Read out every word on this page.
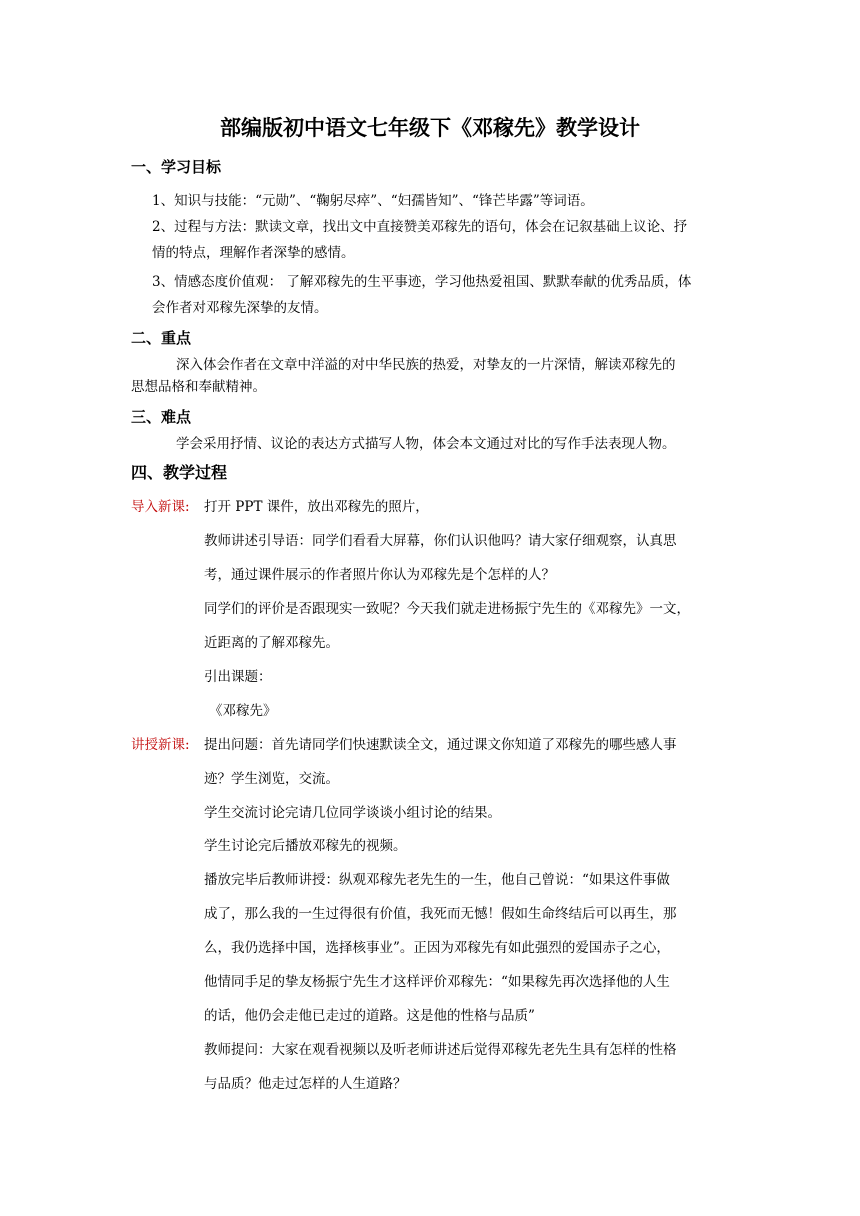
部编版初中语文七年级下《邓稼先》教学设计
一、学习目标
1、知识与技能：“元勋”、“鞠躬尽瘁”、“妇孺皆知”、“锋芒毕露”等词语。
2、过程与方法：默读文章，找出文中直接赞美邓稼先的语句，体会在记叙基础上议论、抒
情的特点，理解作者深挚的感情。
3、情感态度价值观： 了解邓稼先的生平事迹，学习他热爱祖国、默默奉献的优秀品质，体
会作者对邓稼先深挚的友情。
二、重点
深入体会作者在文章中洋溢的对中华民族的热爱，对挚友的一片深情，解读邓稼先的
思想品格和奉献精神。
三、难点
学会采用抒情、议论的表达方式描写人物，体会本文通过对比的写作手法表现人物。
四、教学过程
导入新课: 打开 PPT 课件，放出邓稼先的照片，
教师讲述引导语：同学们看看大屏幕，你们认识他吗？请大家仔细观察，认真思
考，通过课件展示的作者照片你认为邓稼先是个怎样的人？
同学们的评价是否跟现实一致呢？今天我们就走进杨振宁先生的《邓稼先》一文，
近距离的了解邓稼先。
引出课题：
《邓稼先》
讲授新课: 提出问题：首先请同学们快速默读全文，通过课文你知道了邓稼先的哪些感人事
迹？学生浏览，交流。
学生交流讨论完请几位同学谈谈小组讨论的结果。
学生讨论完后播放邓稼先的视频。
播放完毕后教师讲授：纵观邓稼先老先生的一生，他自己曾说：“如果这件事做
成了，那么我的一生过得很有价值，我死而无憾！假如生命终结后可以再生，那
么，我仍选择中国，选择核事业”。正因为邓稼先有如此强烈的爱国赤子之心，
他情同手足的挚友杨振宁先生才这样评价邓稼先：“如果稼先再次选择他的人生
的话，他仍会走他已走过的道路。这是他的性格与品质”
教师提问：大家在观看视频以及听老师讲述后觉得邓稼先老先生具有怎样的性格
与品质？他走过怎样的人生道路？
